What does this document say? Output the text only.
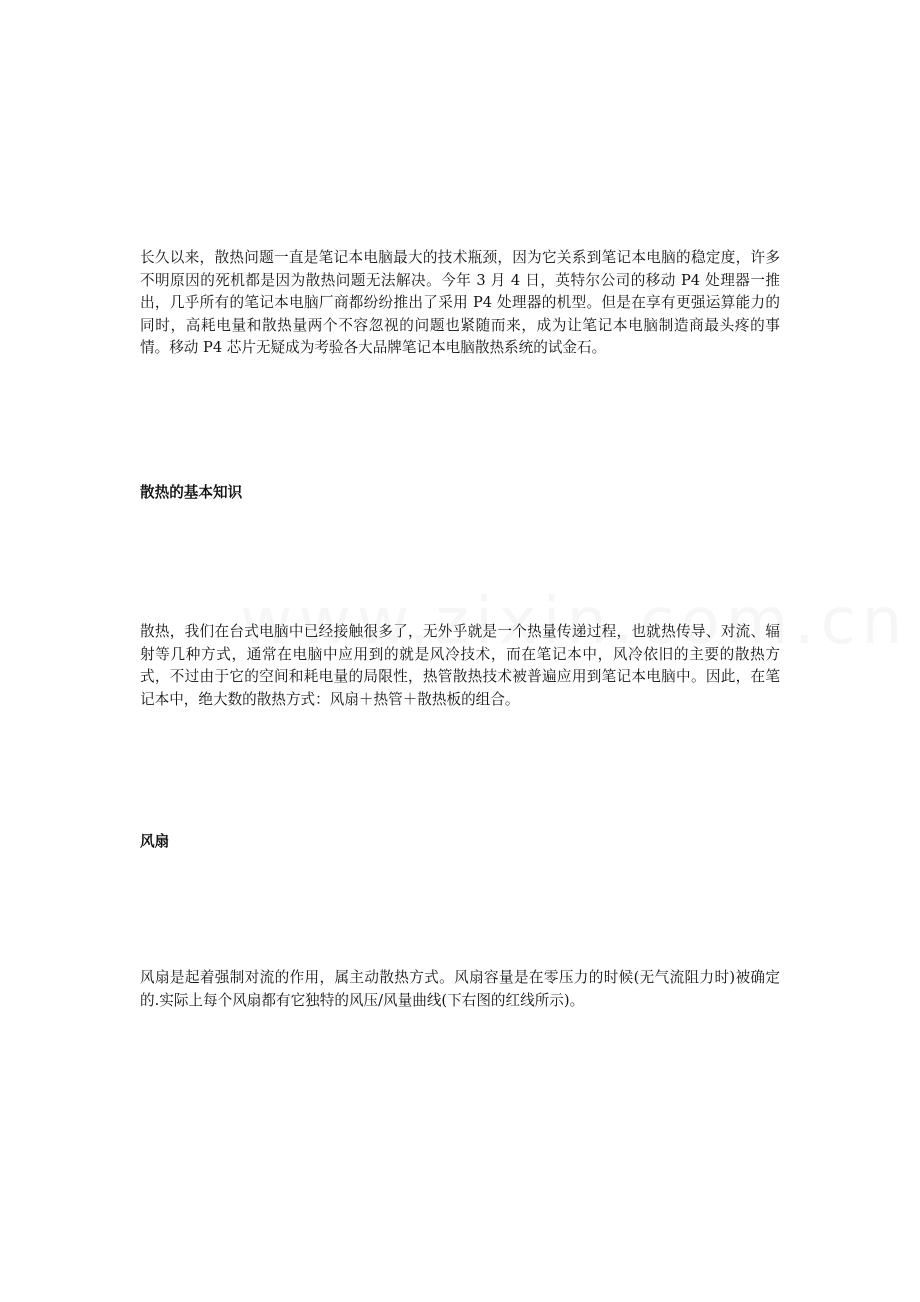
长久以来，散热问题一直是笔记本电脑最大的技术瓶颈，因为它关系到笔记本电脑的稳定度，许多不明原因的死机都是因为散热问题无法解决。今年 3 月 4 日，英特尔公司的移动 P4 处理器一推出，几乎所有的笔记本电脑厂商都纷纷推出了采用 P4 处理器的机型。但是在享有更强运算能力的同时，高耗电量和散热量两个不容忽视的问题也紧随而来，成为让笔记本电脑制造商最头疼的事情。移动 P4 芯片无疑成为考验各大品牌笔记本电脑散热系统的试金石。

散热的基本知识

散热，我们在台式电脑中已经接触很多了，无外乎就是一个热量传递过程，也就热传导、对流、辐射等几种方式，通常在电脑中应用到的就是风冷技术，而在笔记本中，风冷依旧的主要的散热方式，不过由于它的空间和耗电量的局限性，热管散热技术被普遍应用到笔记本电脑中。因此，在笔记本中，绝大数的散热方式：风扇＋热管＋散热板的组合。

风扇

风扇是起着强制对流的作用，属主动散热方式。风扇容量是在零压力的时候(无气流阻力时)被确定的.实际上每个风扇都有它独特的风压/风量曲线(下右图的红线所示)。
